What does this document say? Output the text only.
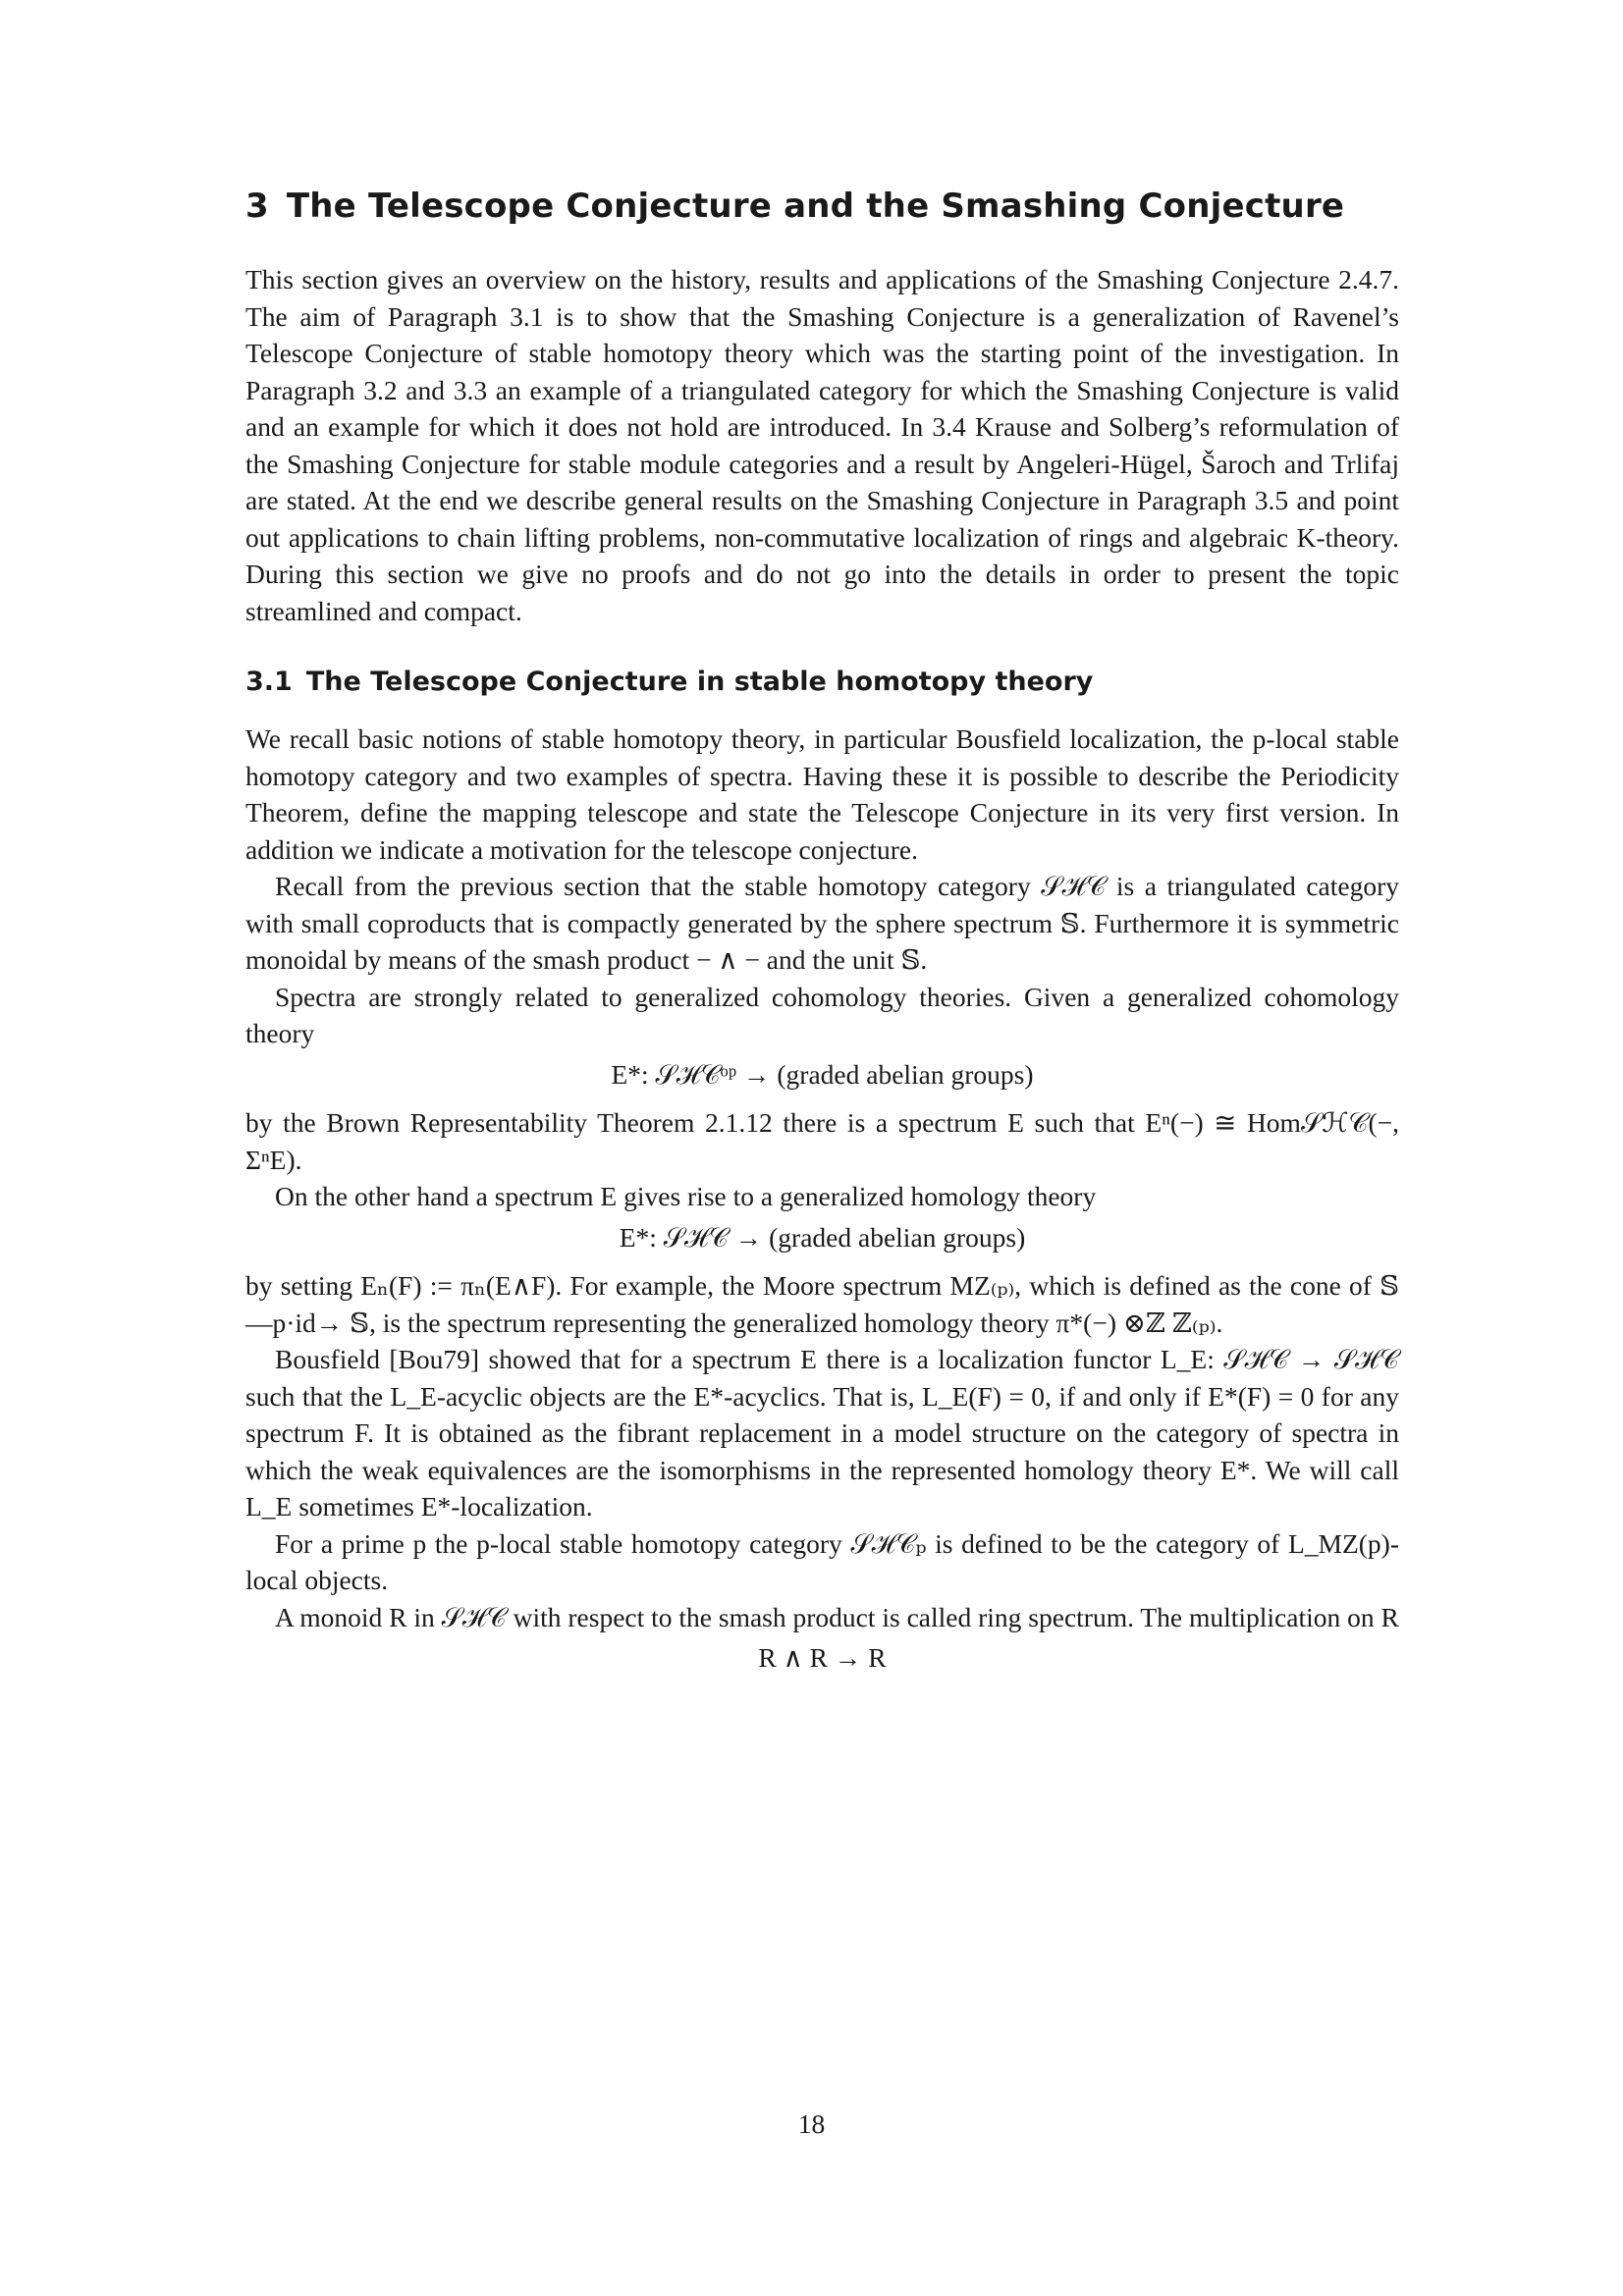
3 The Telescope Conjecture and the Smashing Conjecture

This section gives an overview on the history, results and applications of the Smashing Conjecture 2.4.7. The aim of Paragraph 3.1 is to show that the Smashing Conjecture is a generalization of Ravenel’s Telescope Conjecture of stable homotopy theory which was the starting point of the investigation. In Paragraph 3.2 and 3.3 an example of a triangulated category for which the Smashing Conjecture is valid and an example for which it does not hold are introduced. In 3.4 Krause and Solberg’s reformulation of the Smashing Conjecture for stable module categories and a result by Angeleri-Hügel, Šaroch and Trlifaj are stated. At the end we describe general results on the Smashing Conjecture in Paragraph 3.5 and point out applications to chain lifting problems, non-commutative localization of rings and algebraic K-theory. During this section we give no proofs and do not go into the details in order to present the topic streamlined and compact.

3.1 The Telescope Conjecture in stable homotopy theory

We recall basic notions of stable homotopy theory, in particular Bousfield localization, the p-local stable homotopy category and two examples of spectra. Having these it is possible to describe the Periodicity Theorem, define the mapping telescope and state the Telescope Conjecture in its very first version. In addition we indicate a motivation for the telescope conjecture.

Recall from the previous section that the stable homotopy category 𝒮ℋ𝒞 is a triangulated category with small coproducts that is compactly generated by the sphere spectrum 𝕊. Furthermore it is symmetric monoidal by means of the smash product − ∧ − and the unit 𝕊.

Spectra are strongly related to generalized cohomology theories. Given a generalized cohomology theory

E*: 𝒮ℋ𝒞ᵒᵖ → (graded abelian groups)

by the Brown Representability Theorem 2.1.12 there is a spectrum E such that Eⁿ(−) ≅ Hom𝒮ℋ𝒞(−, ΣⁿE).

On the other hand a spectrum E gives rise to a generalized homology theory

E*: 𝒮ℋ𝒞 → (graded abelian groups)

by setting Eₙ(F) := πₙ(E∧F). For example, the Moore spectrum MZ₍ₚ₎, which is defined as the cone of 𝕊 —p·id→ 𝕊, is the spectrum representing the generalized homology theory π*(−) ⊗ℤ ℤ₍ₚ₎.

Bousfield [Bou79] showed that for a spectrum E there is a localization functor L_E: 𝒮ℋ𝒞 → 𝒮ℋ𝒞 such that the L_E-acyclic objects are the E*-acyclics. That is, L_E(F) = 0, if and only if E*(F) = 0 for any spectrum F. It is obtained as the fibrant replacement in a model structure on the category of spectra in which the weak equivalences are the isomorphisms in the represented homology theory E*. We will call L_E sometimes E*-localization.

For a prime p the p-local stable homotopy category 𝒮ℋ𝒞ₚ is defined to be the category of L_MZ(p)-local objects.

A monoid R in 𝒮ℋ𝒞 with respect to the smash product is called ring spectrum. The multiplication on R

R ∧ R → R
18
